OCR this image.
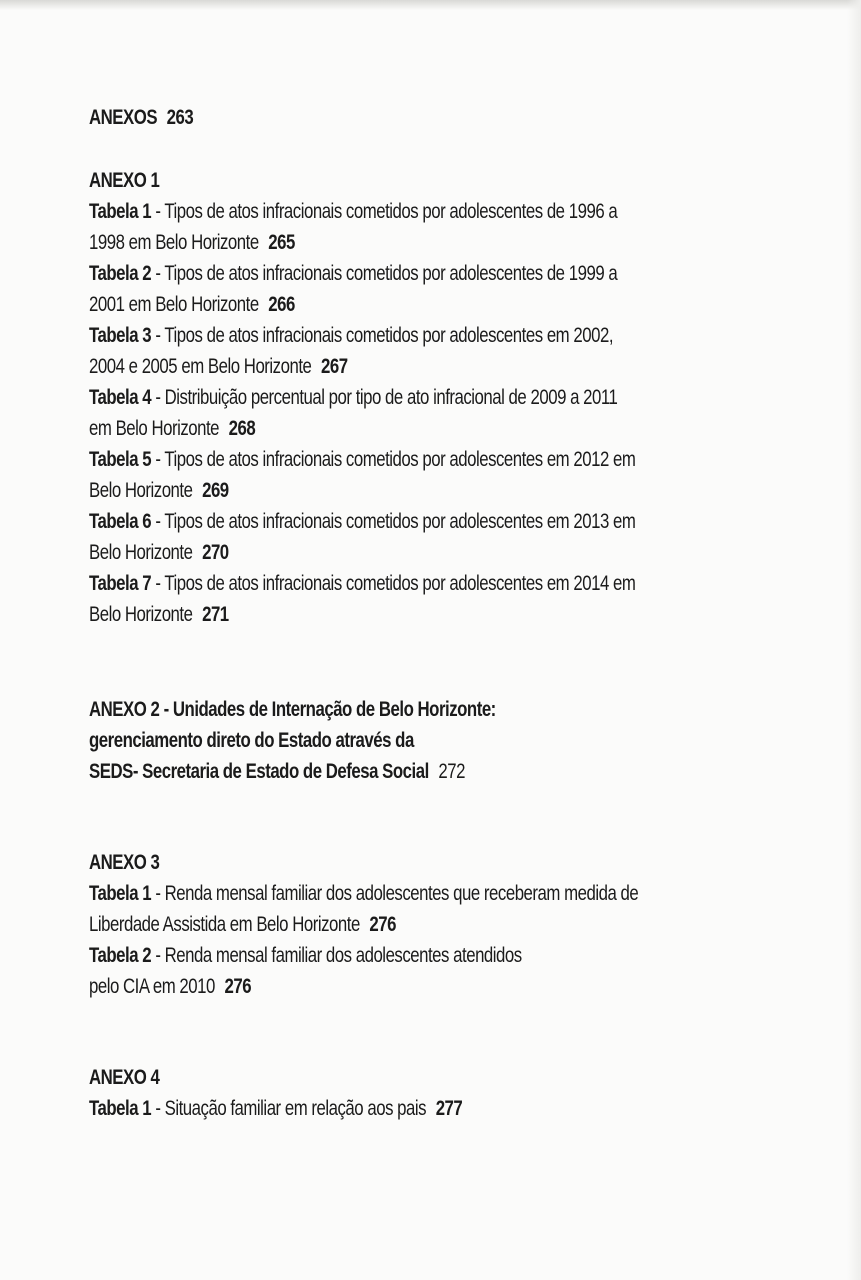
ANEXOS 263
ANEXO 1
Tabela 1 - Tipos de atos infracionais cometidos por adolescentes de 1996 a
1998 em Belo Horizonte 265
Tabela 2 - Tipos de atos infracionais cometidos por adolescentes de 1999 a
2001 em Belo Horizonte 266
Tabela 3 - Tipos de atos infracionais cometidos por adolescentes em 2002,
2004 e 2005 em Belo Horizonte 267
Tabela 4 - Distribuição percentual por tipo de ato infracional de 2009 a 2011
em Belo Horizonte 268
Tabela 5 - Tipos de atos infracionais cometidos por adolescentes em 2012 em
Belo Horizonte 269
Tabela 6 - Tipos de atos infracionais cometidos por adolescentes em 2013 em
Belo Horizonte 270
Tabela 7 - Tipos de atos infracionais cometidos por adolescentes em 2014 em
Belo Horizonte 271
ANEXO 2 - Unidades de Internação de Belo Horizonte:
gerenciamento direto do Estado através da
SEDS- Secretaria de Estado de Defesa Social 272
ANEXO 3
Tabela 1 - Renda mensal familiar dos adolescentes que receberam medida de
Liberdade Assistida em Belo Horizonte 276
Tabela 2 - Renda mensal familiar dos adolescentes atendidos
pelo CIA em 2010 276
ANEXO 4
Tabela 1 - Situação familiar em relação aos pais 277
